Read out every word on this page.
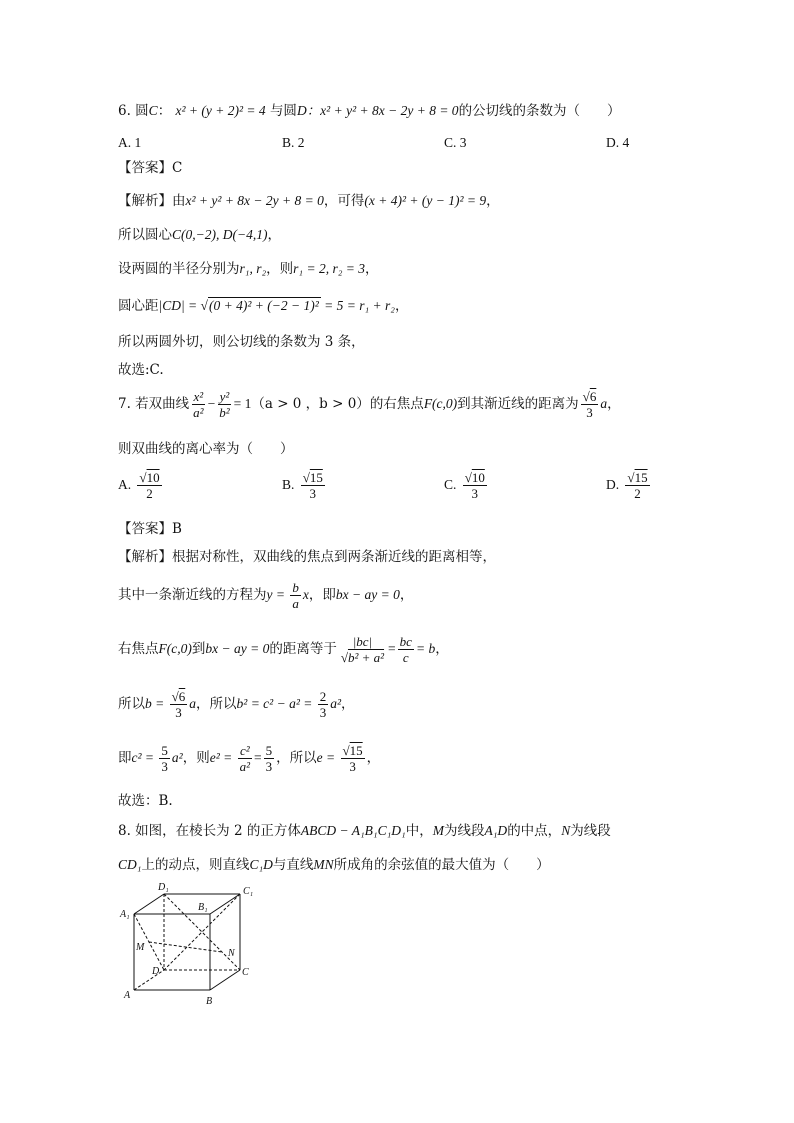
6. 圆C： x² + (y + 2)² = 4 与圆D：x² + y² + 8x − 2y + 8 = 0的公切线的条数为（　　）
A. 1	B. 2	C. 3	D. 4
【答案】C
【解析】由x² + y² + 8x − 2y + 8 = 0，可得(x + 4)² + (y − 1)² = 9，
所以圆心C(0,−2), D(−4,1)，
设两圆的半径分别为r₁, r₂，则r₁ = 2, r₂ = 3，
圆心距|CD| = √(0 + 4)² + (−2 − 1)² = 5 = r₁ + r₂，
所以两圆外切，则公切线的条数为 3 条，
故选:C.
7. 若双曲线 $\frac{\text{x²}}{\text{a²}} - \frac{\text{y²}}{\text{b²}} = 1(a > 0$ ，b > 0）的右焦点F(c,0)到其渐近线的距离为 $\frac{√6}{3}$ a，
则双曲线的离心率为（　　）
A. $\frac{√10}{2}$	B. $\frac{√15}{3}$	C. $\frac{√10}{3}$	D. $\frac{√15}{2}$
【答案】B
【解析】根据对称性，双曲线的焦点到两条渐近线的距离相等，
其中一条渐近线的方程为$y = \frac{b}{a}$ x，即bx − ay = 0，
右焦点F(c,0)到bx − ay = 0的距离等于 $\frac{|bc|}{\text{√b² + a²}} = \frac{bc}{c} = b$，
所以$b = \frac{√6}{3}$ a，所以$b^2 = c^2 - a^2 = \frac{2}{3} a^2$，
即$c^2 = \frac{5}{3} a^2$，则$e^2 = \frac{\text{c²}}{\text{a²}} = \frac{5}{3}$ ，所以$e = \frac{√15}{3}$ ，
故选：B.
8. 如图，在棱长为 2 的正方体ABCD − A₁B₁C₁D₁中，M为线段A₁D的中点，N为线段
CD₁上的动点，则直线C₁D与直线MN所成角的余弦值的最大值为（　　）
D₁	C₁
A₁
B₁
M
N
D	C
A
B
